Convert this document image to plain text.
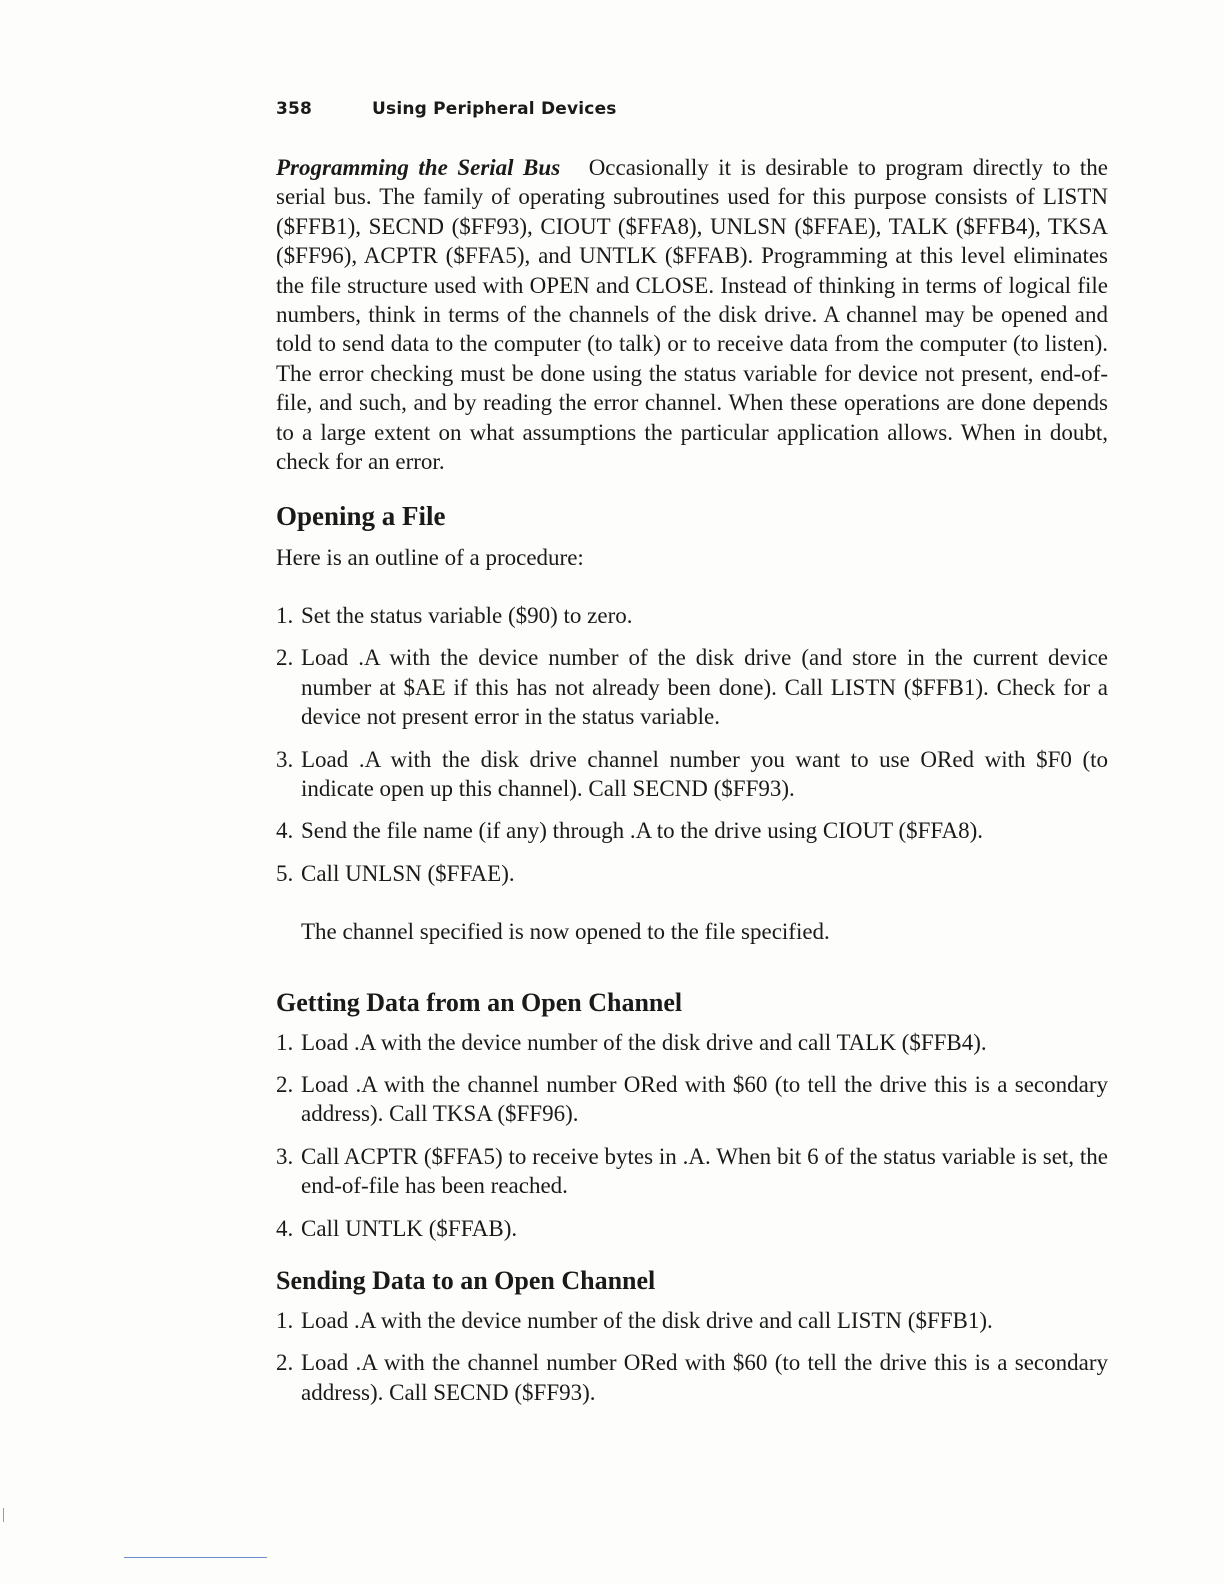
358	Using Peripheral Devices

Programming the Serial Bus Occasionally it is desirable to program directly to the serial bus. The family of operating subroutines used for this purpose consists of LISTN ($FFB1), SECND ($FF93), CIOUT ($FFA8), UNLSN ($FFAE), TALK ($FFB4), TKSA ($FF96), ACPTR ($FFA5), and UNTLK ($FFAB). Programming at this level eliminates the file structure used with OPEN and CLOSE. Instead of thinking in terms of logical file numbers, think in terms of the channels of the disk drive. A channel may be opened and told to send data to the computer (to talk) or to receive data from the computer (to listen). The error checking must be done using the status variable for device not present, end-of-file, and such, and by reading the error channel. When these operations are done depends to a large extent on what assumptions the particular application allows. When in doubt, check for an error.

Opening a File

Here is an outline of a procedure:

1. Set the status variable ($90) to zero.
2. Load .A with the device number of the disk drive (and store in the current device number at $AE if this has not already been done). Call LISTN ($FFB1). Check for a device not present error in the status variable.
3. Load .A with the disk drive channel number you want to use ORed with $F0 (to indicate open up this channel). Call SECND ($FF93).
4. Send the file name (if any) through .A to the drive using CIOUT ($FFA8).
5. Call UNLSN ($FFAE).

The channel specified is now opened to the file specified.

Getting Data from an Open Channel
1. Load .A with the device number of the disk drive and call TALK ($FFB4).
2. Load .A with the channel number ORed with $60 (to tell the drive this is a secondary address). Call TKSA ($FF96).
3. Call ACPTR ($FFA5) to receive bytes in .A. When bit 6 of the status variable is set, the end-of-file has been reached.
4. Call UNTLK ($FFAB).
Sending Data to an Open Channel
1. Load .A with the device number of the disk drive and call LISTN ($FFB1).
2. Load .A with the channel number ORed with $60 (to tell the drive this is a secondary address). Call SECND ($FF93).
